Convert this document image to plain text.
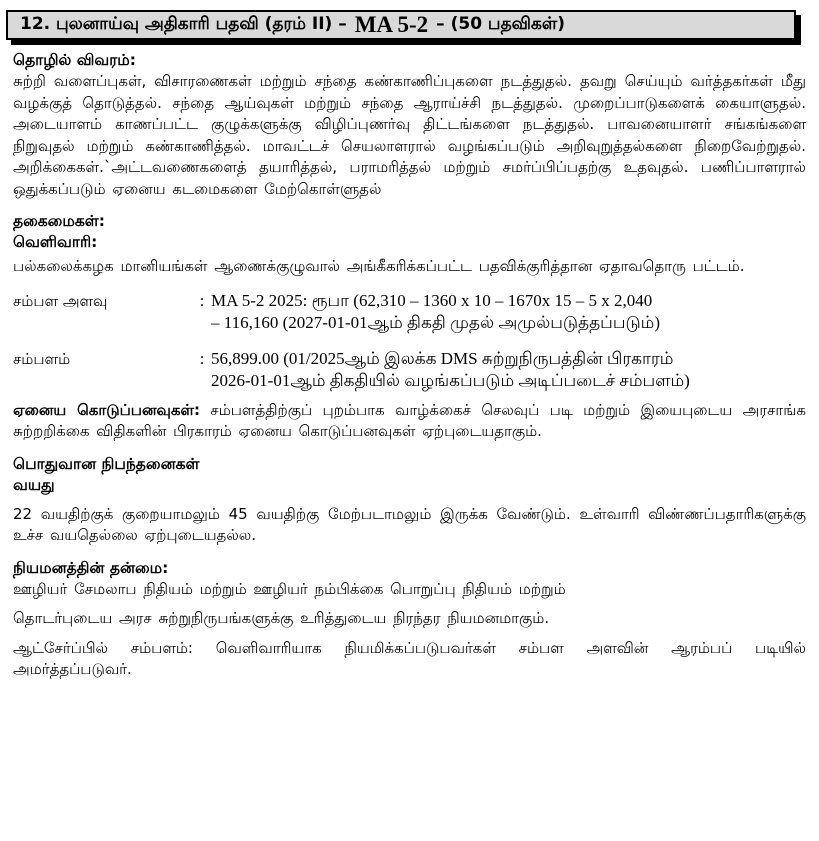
12. புலனாய்வு அதிகாரி பதவி (தரம் II) – MA 5-2 – (50 பதவிகள்)
தொழில் விவரம்:
சுற்றி வளைப்புகள், விசாரணைகள் மற்றும் சந்தை கண்காணிப்புகளை நடத்துதல். தவறு செய்யும் வர்த்தகர்கள் மீது வழக்குத் தொடுத்தல். சந்தை ஆய்வுகள் மற்றும் சந்தை ஆராய்ச்சி நடத்துதல். முறைப்பாடுகளைக் கையாளுதல். அடையாளம் காணப்பட்ட குழுக்களுக்கு விழிப்புணர்வு திட்டங்களை நடத்துதல். பாவனையாளர் சங்கங்களை நிறுவுதல் மற்றும் கண்காணித்தல். மாவட்டச் செயலாளரால் வழங்கப்படும் அறிவுறுத்தல்களை நிறைவேற்றுதல். அறிக்கைகள்.`அட்டவணைகளைத் தயாரித்தல், பராமரித்தல் மற்றும் சமர்ப்பிப்பதற்கு உதவுதல். பணிப்பாளரால் ஒதுக்கப்படும் ஏனைய கடமைகளை மேற்கொள்ளுதல்
தகைமைகள்:
வெளிவாரி:
பல்கலைக்கழக மானியங்கள் ஆணைக்குழுவால் அங்கீகரிக்கப்பட்ட பதவிக்குரித்தான ஏதாவதொரு பட்டம்.
சம்பள அளவு	: MA 5-2 2025: ரூபா (62,310 – 1360 x 10 – 1670x 15 – 5 x 2,040
– 116,160 (2027-01-01ஆம் திகதி முதல் அமுல்படுத்தப்படும்)
சம்பளம்	: 56,899.00 (01/2025ஆம் இலக்க DMS சுற்றுநிருபத்தின் பிரகாரம்
2026-01-01ஆம் திகதியில் வழங்கப்படும் அடிப்படைச் சம்பளம்)
ஏனைய கொடுப்பனவுகள்: சம்பளத்திற்குப் புறம்பாக வாழ்க்கைச் செலவுப் படி மற்றும் இயைபுடைய அரசாங்க சுற்றறிக்கை விதிகளின் பிரகாரம் ஏனைய கொடுப்பனவுகள் ஏற்புடையதாகும்.
பொதுவான நிபந்தனைகள்
வயது
22 வயதிற்குக் குறையாமலும் 45 வயதிற்கு மேற்படாமலும் இருக்க வேண்டும். உள்வாரி விண்ணப்பதாரிகளுக்கு உச்ச வயதெல்லை ஏற்புடையதல்ல.
நியமனத்தின் தன்மை:
ஊழியர் சேமலாப நிதியம் மற்றும் ஊழியர் நம்பிக்கை பொறுப்பு நிதியம் மற்றும்
தொடர்புடைய அரச சுற்றுநிருபங்களுக்கு உரித்துடைய நிரந்தர நியமனமாகும்.
ஆட்சேர்ப்பில் சம்பளம்: வெளிவாரியாக நியமிக்கப்படுபவர்கள் சம்பள அளவின் ஆரம்பப் படியில் அமர்த்தப்படுவர்.
